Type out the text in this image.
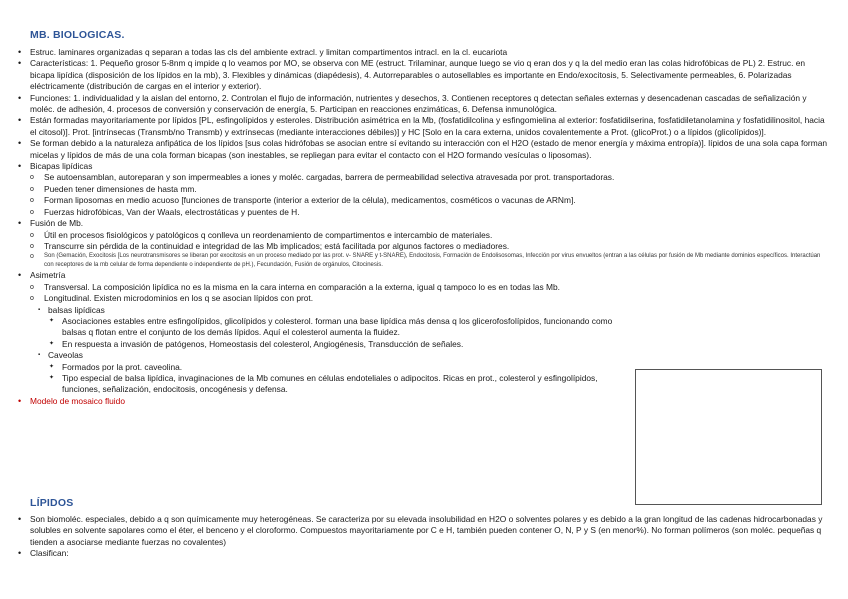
MB. BIOLOGICAS.
• Estruc. laminares organizadas q separan a todas las cls del ambiente extracl. y limitan compartimentos intracl. en la cl. eucariota
• Características: 1. Pequeño grosor 5-8nm q impide q lo veamos por MO, se observa con ME (estruct. Trilaminar, aunque luego se vio q eran dos y q la del medio eran las colas hidrofóbicas de PL) 2. Estruc. en bicapa lipídica (disposición de los lípidos en la mb), 3. Flexibles y dinámicas (diapédesis), 4. Autorreparables o autosellables es importante en Endo/exocitosis, 5. Selectivamente permeables, 6. Polarizadas eléctricamente (distribución de cargas en el interior y exterior).
• Funciones: 1. individualidad y la aislan del entorno, 2. Controlan el flujo de información, nutrientes y desechos, 3. Contienen receptores q detectan señales externas y desencadenan cascadas de señalización y moléc. de adhesión, 4. procesos de conversión y conservación de energía, 5. Participan en reacciones enzimáticas, 6. Defensa inmunológica.
• Están formadas mayoritariamente por lípidos [PL, esfingolípidos y esteroles. Distribución asimétrica en la Mb, (fosfatidilcolina y esfingomielina al exterior: fosfatidilserina, fosfatidiletanolamina y fosfatidilinositol, hacia el citosol)]. Prot. [intrínsecas (Transmb/no Transmb) y extrínsecas (mediante interacciones débiles)] y HC [Solo en la cara externa, unidos covalentemente a Prot. (glicoProt.) o a lípidos (glicolípidos)].
• Se forman debido a la naturaleza anfipática de los lípidos [sus colas hidrófobas se asocian entre sí evitando su interacción con el H2O (estado de menor energía y máxima entropía)]. lípidos de una sola capa forman micelas y lípidos de más de una cola forman bicapas (son inestables, se repliegan para evitar el contacto con el H2O formando vesículas o liposomas).
• Bicapas lipídicas
o Se autoensamblan, autoreparan y son impermeables a iones y moléc. cargadas, barrera de permeabilidad selectiva atravesada por prot. transportadoras.
o Pueden tener dimensiones de hasta mm.
o Forman liposomas en medio acuoso [funciones de transporte (interior a exterior de la célula), medicamentos, cosméticos o vacunas de ARNm].
o Fuerzas hidrofóbicas, Van der Waals, electrostáticas y puentes de H.
• Fusión de Mb.
o Útil en procesos fisiológicos y patológicos q conlleva un reordenamiento de compartimentos e intercambio de materiales.
o Transcurre sin pérdida de la continuidad e integridad de las Mb implicados; está facilitada por algunos factores o mediadores.
o Son (Gemación, Exocitosis [Los neurotransmisores se liberan por exocitosis en un proceso mediado por las prot. v- SNARE y t-SNARE), Endocitosis, Formación de Endolisosomas, Infección por virus envueltos (entran a las células por fusión de Mb mediante dominios específicos. Interactúan con receptores de la mb celular de forma dependiente o independiente de pH.), Fecundación, Fusión de orgánulos, Citocinesis.
• Asimetría
o Transversal. La composición lipídica no es la misma en la cara interna en comparación a la externa, igual q tampoco lo es en todas las Mb.
o Longitudinal. Existen microdominios en los q se asocian lípidos con prot.
▪ balsas lipídicas
✦ Asociaciones estables entre esfingolípidos, glicolípidos y colesterol. forman una base lipídica más densa q los glicerofosfolípidos, funcionando como balsas q flotan entre el conjunto de los demás lípidos. Aquí el colesterol aumenta la fluidez.
✦ En respuesta a invasión de patógenos, Homeostasis del colesterol, Angiogénesis, Transducción de señales.
▪ Caveolas
✦ Formados por la prot. caveolina.
✦ Tipo especial de balsa lipídica, invaginaciones de la Mb comunes en células endoteliales o adipocitos. Ricas en prot., colesterol y esfingolípidos, funciones, señalización, endocitosis, oncogénesis y defensa.
• Modelo de mosaico fluido
LÍPIDOS
• Son biomoléc. especiales, debido a q son químicamente muy heterogéneas. Se caracteriza por su elevada insolubilidad en H2O o solventes polares y es debido a la gran longitud de las cadenas hidrocarbonadas y solubles en solvente sapolares como el éter, el benceno y el cloroformo. Compuestos mayoritariamente por C e H, también pueden contener O, N, P y S (en menor%). No forman polímeros (son moléc. pequeñas q tienden a asociarse mediante fuerzas no covalentes)
• Clasifican:
